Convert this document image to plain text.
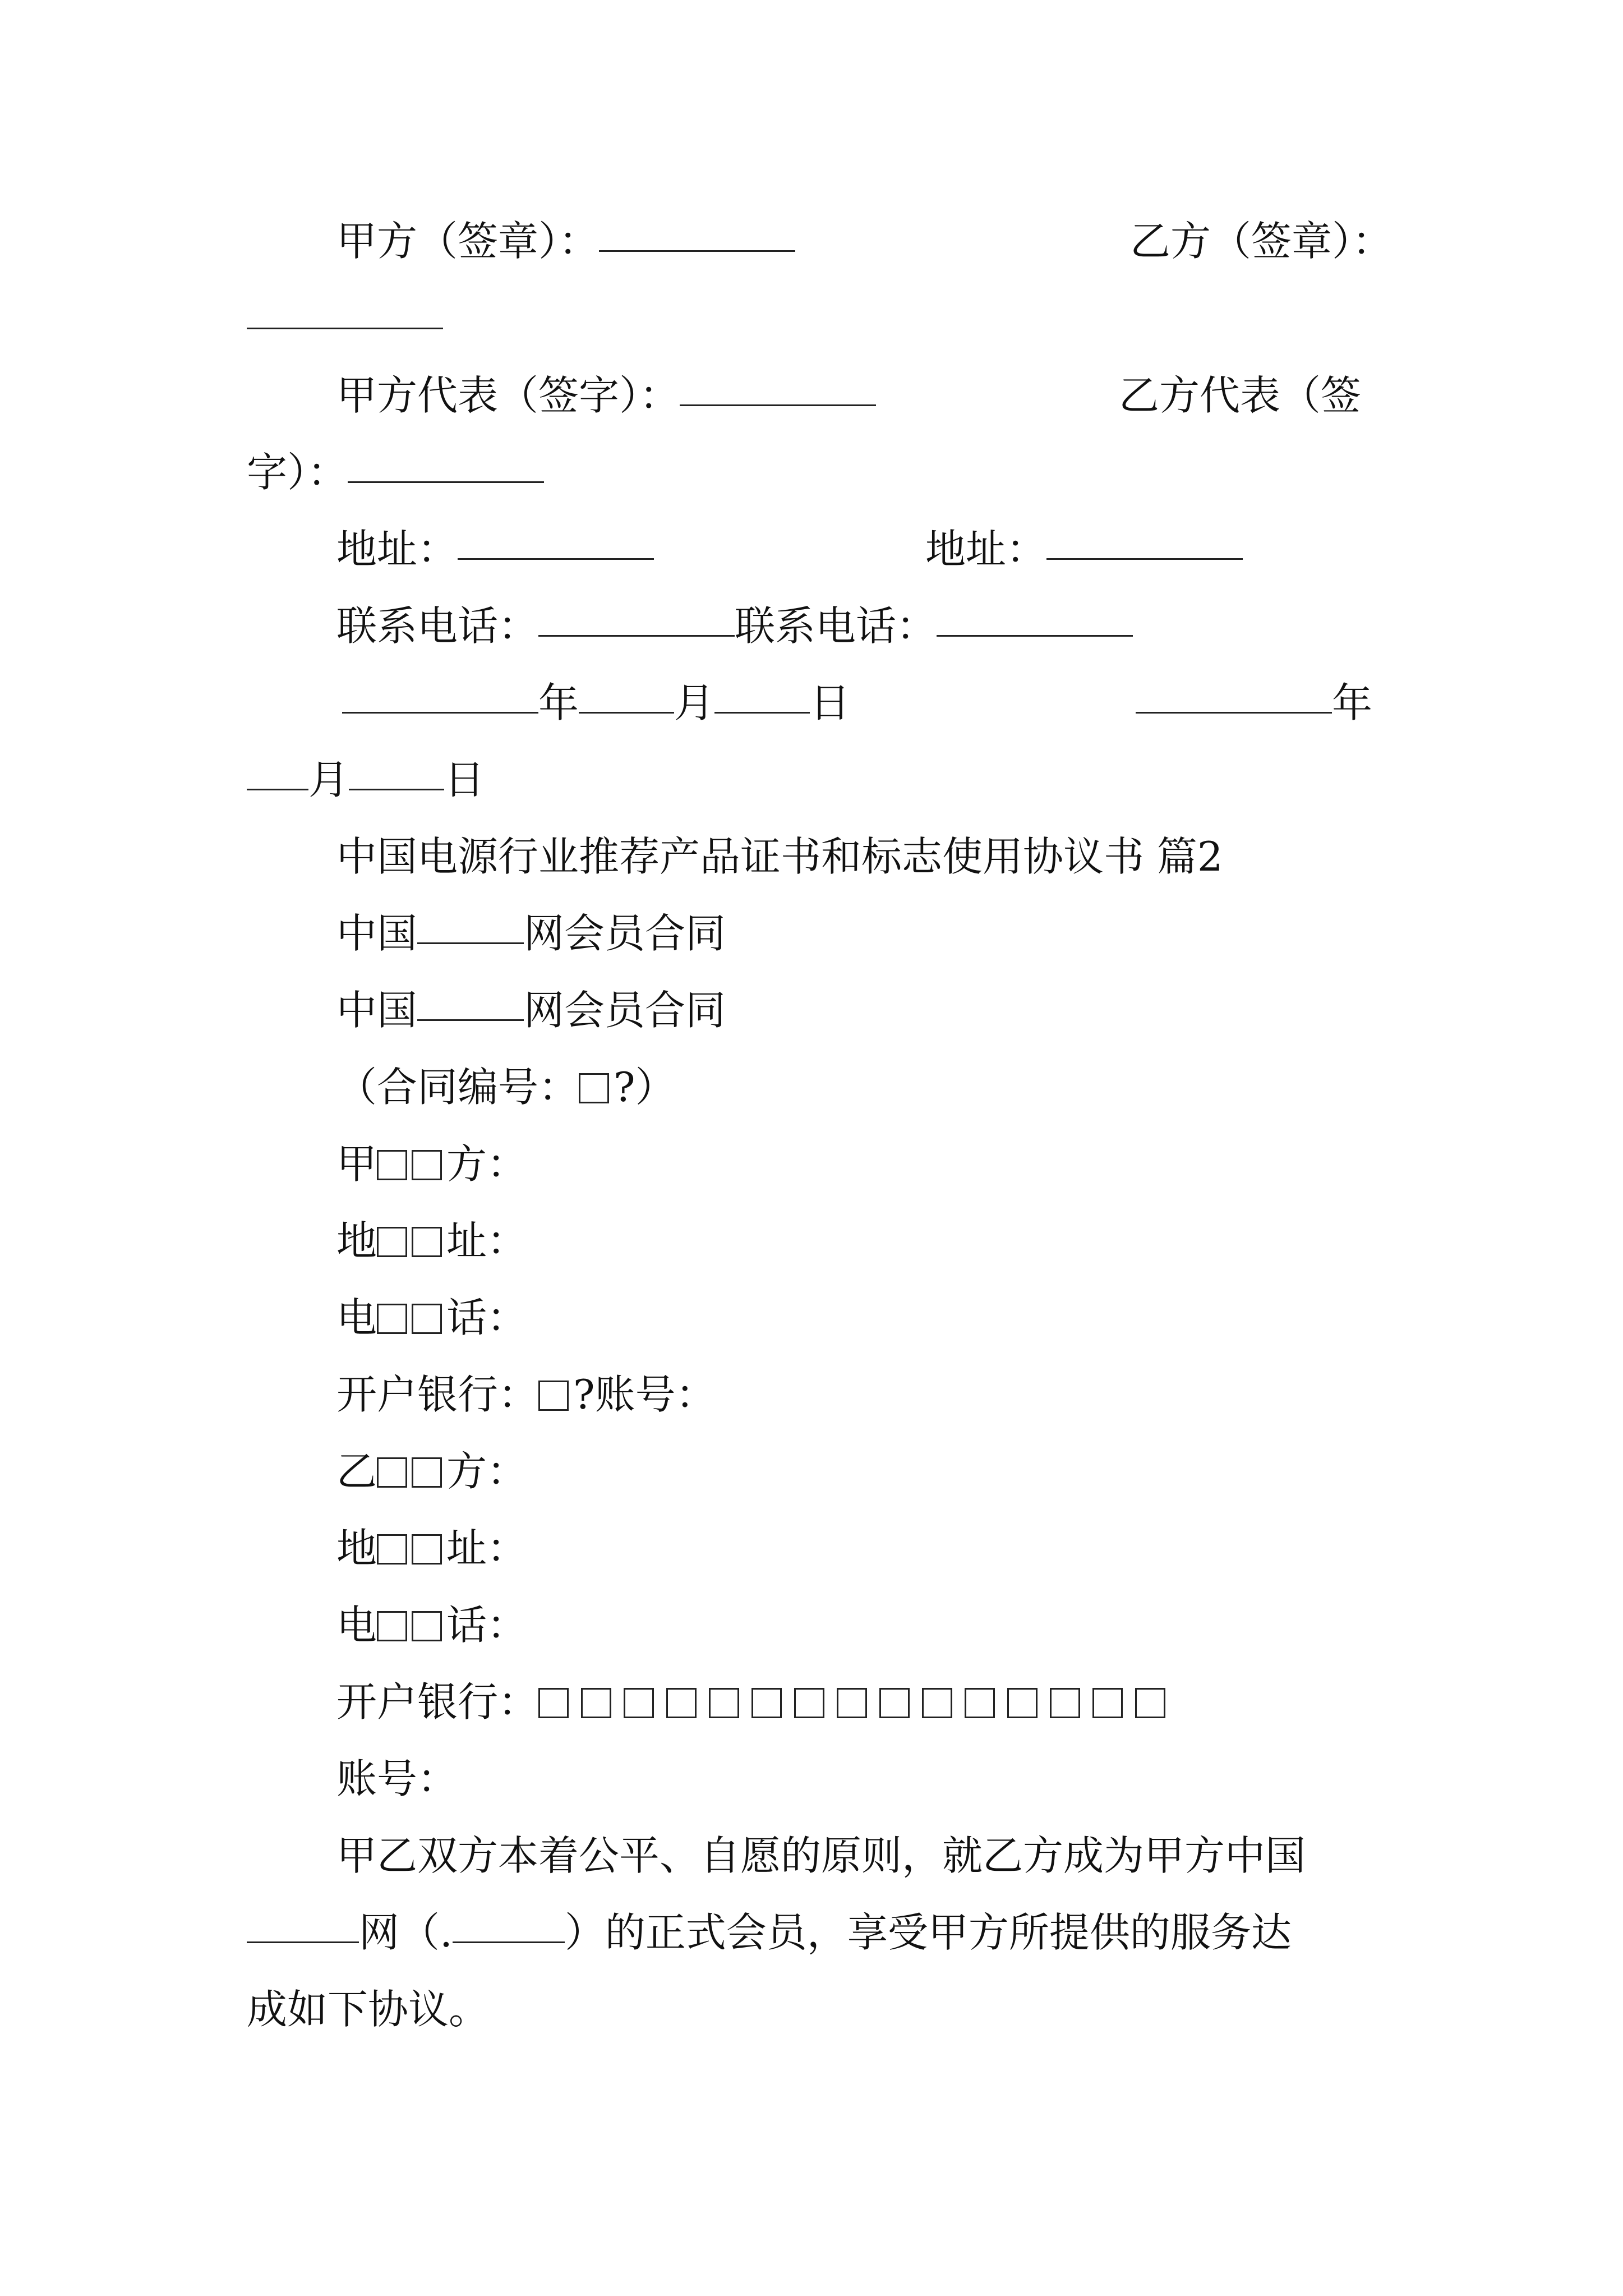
甲方（签章）：	乙方（签章）：
甲方代表（签字）：	乙方代表（签
字）：
地址：	地址：
联系电话：	联系电话：
年 月 日	年
月 日
中国电源行业推荐产品证书和标志使用协议书 篇2
中国	网会员合同
中国	网会员合同
（合同编号： ?）
甲 方：
地 址：
电 话：
开户银行： ?账号：
乙 方：
地 址：
电 话：
开户银行：
账号：
甲乙双方本着公平、自愿的原则，就乙方成为甲方中国
网（.	）的正式会员，享受甲方所提供的服务达
成如下协议。
